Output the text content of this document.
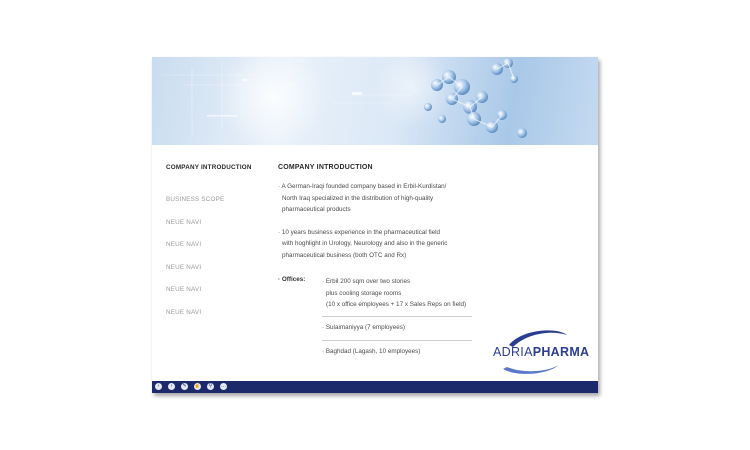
COMPANY INTRODUCTION
BUSINESS SCOPE
NEUE NAVI
NEUE NAVI
NEUE NAVI
NEUE NAVI
NEUE NAVI
COMPANY INTRODUCTION
· A German-Iraqi founded company based in Erbil-Kurdistan/
North Iraq specialized in the distribution of high-quality
pharmaceutical products
· 10 years business experience in the pharmaceutical field
with hoghlight in Urology, Neurology and also in the generic
pharmaceutical business (both OTC and Rx)
· Offices:	· Erbil 200 sqm over two stories
plus cooling storage rooms
(10 x office employees + 17 x Sales Reps on field)
· Sulaimaniyya (7 employees)
· Baghdad (Lagash, 10 employees)	ADRIAPHARMA
‹	›	✎ ☝	⚲	…
